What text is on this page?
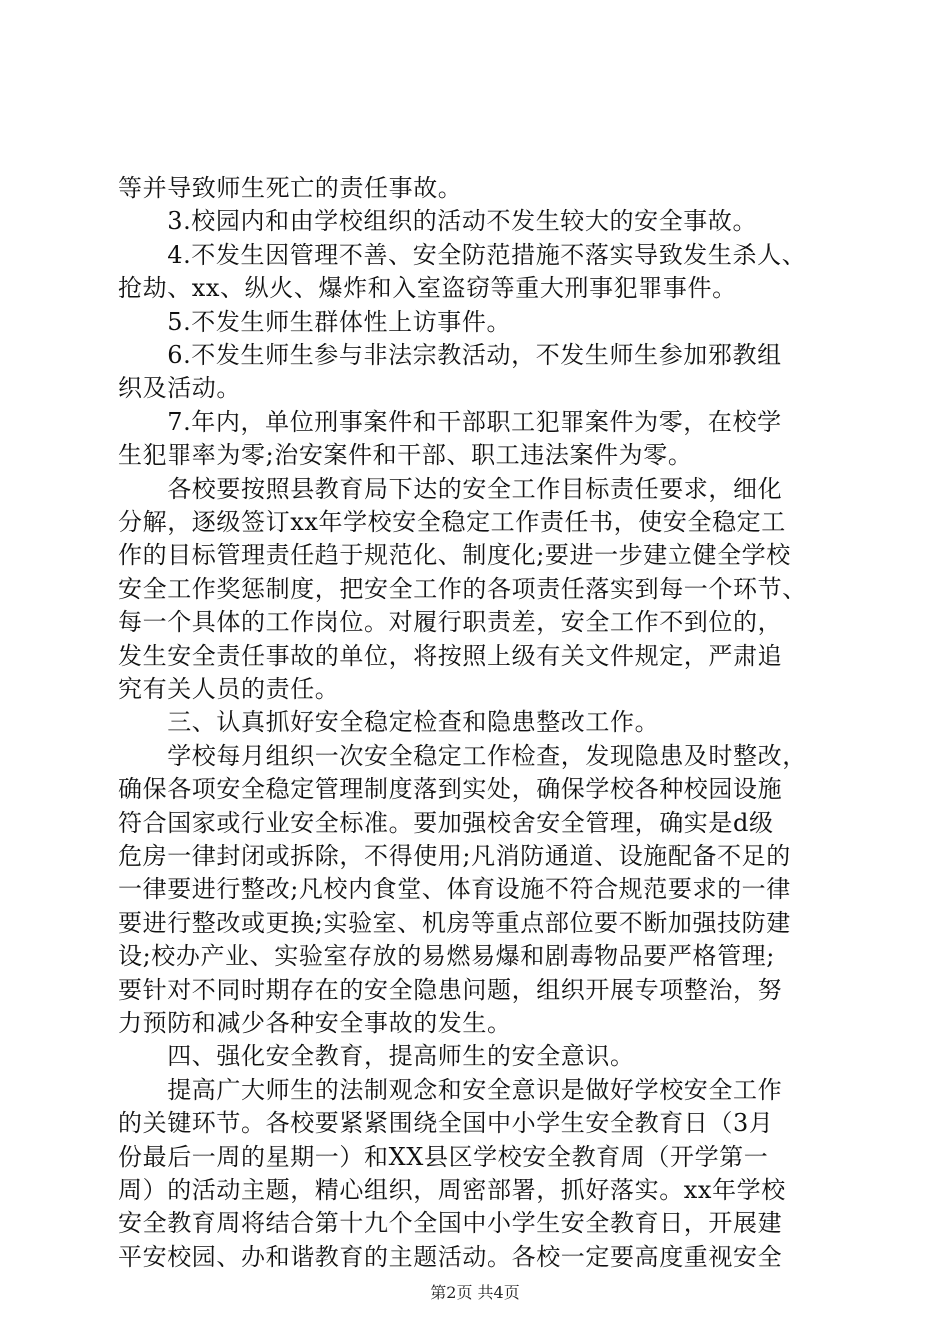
等并导致师生死亡的责任事故。
　　3.校园内和由学校组织的活动不发生较大的安全事故。
　　4.不发生因管理不善、安全防范措施不落实导致发生杀人、
抢劫、xx、纵火、爆炸和入室盗窃等重大刑事犯罪事件。
　　5.不发生师生群体性上访事件。
　　6.不发生师生参与非法宗教活动，不发生师生参加邪教组
织及活动。
　　7.年内，单位刑事案件和干部职工犯罪案件为零，在校学
生犯罪率为零;治安案件和干部、职工违法案件为零。
　　各校要按照县教育局下达的安全工作目标责任要求，细化
分解，逐级签订xx年学校安全稳定工作责任书，使安全稳定工
作的目标管理责任趋于规范化、制度化;要进一步建立健全学校
安全工作奖惩制度，把安全工作的各项责任落实到每一个环节、
每一个具体的工作岗位。对履行职责差，安全工作不到位的，
发生安全责任事故的单位，将按照上级有关文件规定，严肃追
究有关人员的责任。
　　三、认真抓好安全稳定检查和隐患整改工作。
　　学校每月组织一次安全稳定工作检查，发现隐患及时整改，
确保各项安全稳定管理制度落到实处，确保学校各种校园设施
符合国家或行业安全标准。要加强校舍安全管理，确实是d级
危房一律封闭或拆除，不得使用;凡消防通道、设施配备不足的
一律要进行整改;凡校内食堂、体育设施不符合规范要求的一律
要进行整改或更换;实验室、机房等重点部位要不断加强技防建
设;校办产业、实验室存放的易燃易爆和剧毒物品要严格管理;
要针对不同时期存在的安全隐患问题，组织开展专项整治，努
力预防和减少各种安全事故的发生。
　　四、强化安全教育，提高师生的安全意识。
　　提高广大师生的法制观念和安全意识是做好学校安全工作
的关键环节。各校要紧紧围绕全国中小学生安全教育日（3月
份最后一周的星期一）和XX县区学校安全教育周（开学第一
周）的活动主题，精心组织，周密部署，抓好落实。xx年学校
安全教育周将结合第十九个全国中小学生安全教育日，开展建
平安校园、办和谐教育的主题活动。各校一定要高度重视安全
第2页 共4页
